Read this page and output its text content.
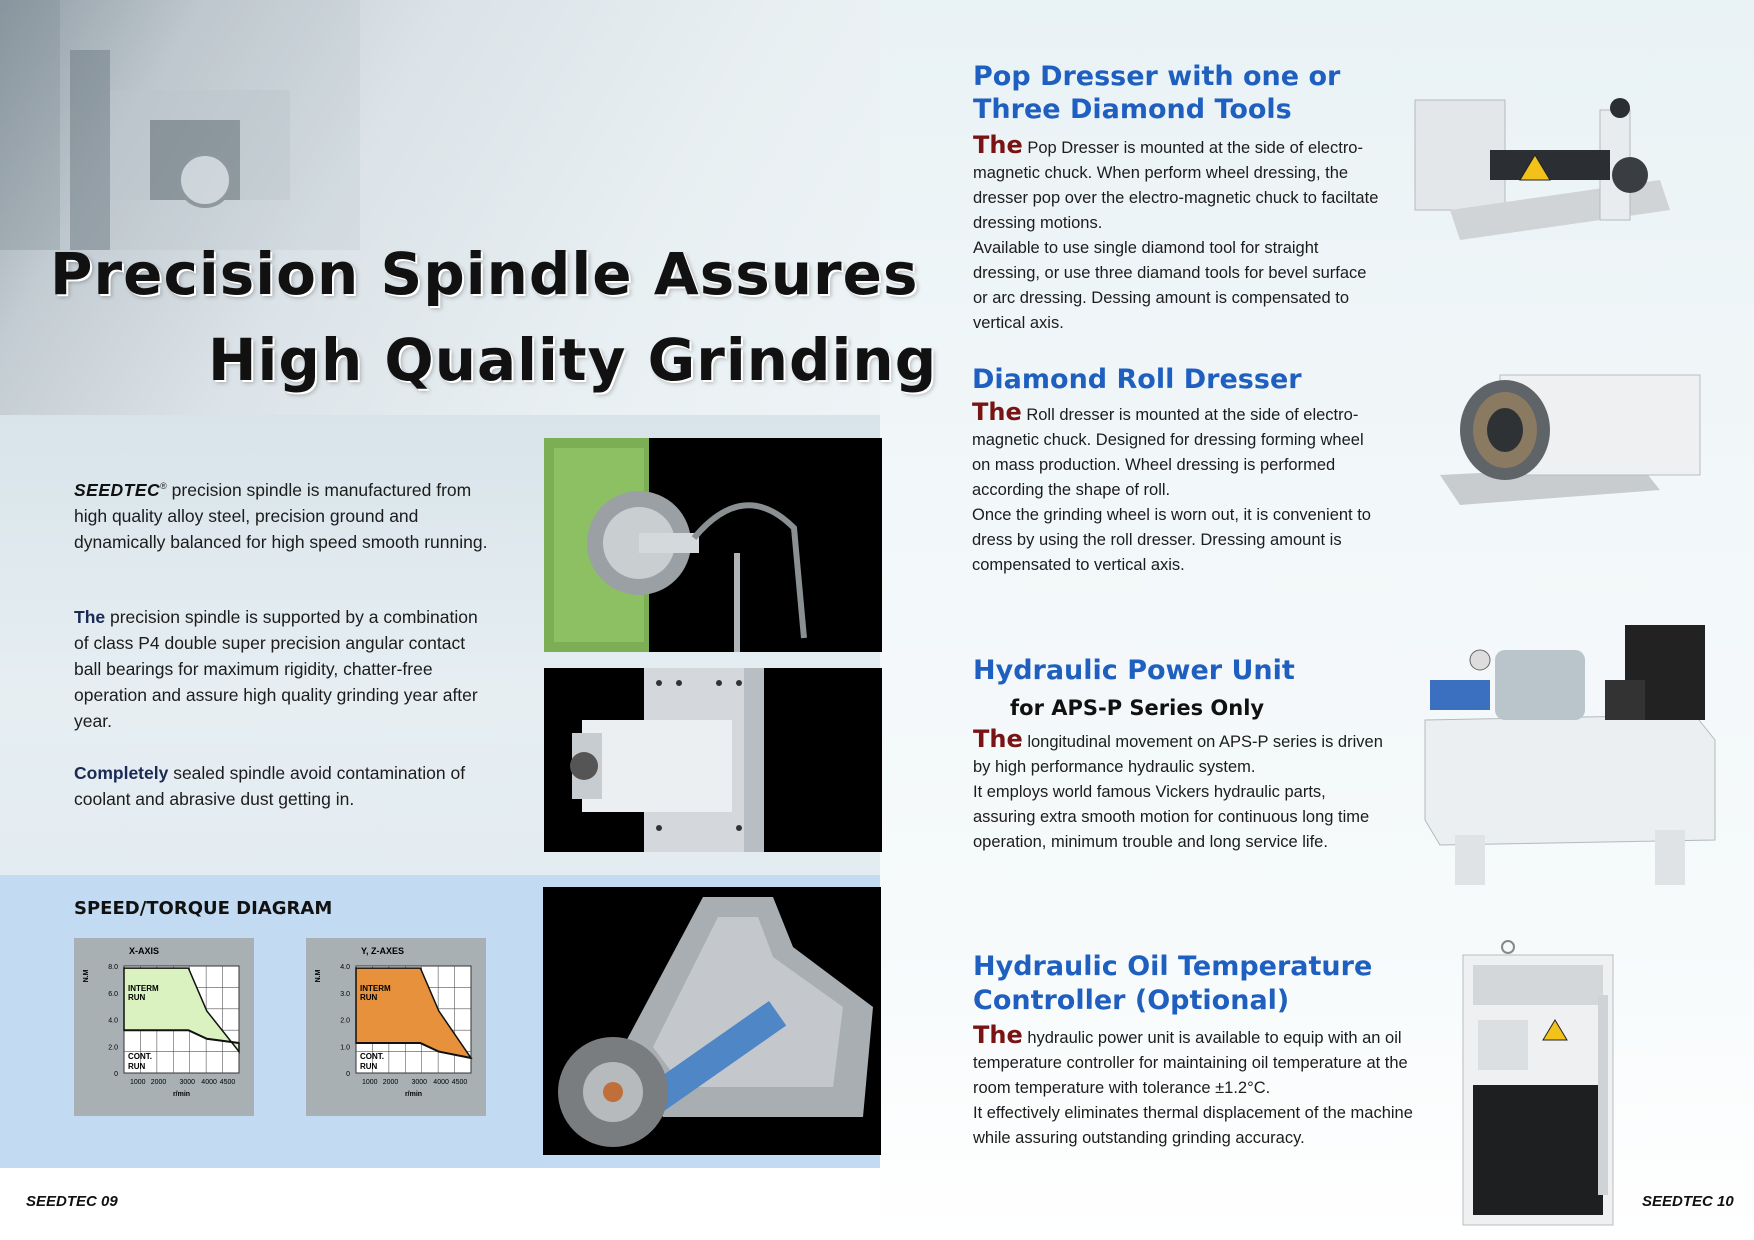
Precision Spindle Assures
High Quality Grinding
SEEDTEC® precision spindle is manufactured from high quality alloy steel, precision ground and dynamically balanced for high speed smooth running.
The precision spindle is supported by a combination of class P4 double super precision angular contact ball bearings for maximum rigidity, chatter-free operation and assure high quality grinding year after year.
Completely sealed spindle avoid contamination of coolant and abrasive dust getting in.
SPEED/TORQUE DIAGRAM
X-AXIS
8.0
6.0
4.0
2.0
0
1000 2000 3000 4000 4500
r/min
N.M
INTERM
RUN
CONT.
RUN
Y, Z-AXES
4.0
3.0
2.0
1.0
0
1000 2000 3000 4000 4500
r/min
N.M
INTERM
RUN
CONT.
RUN
Pop Dresser with one or
Three Diamond Tools
The Pop Dresser is mounted at the side of electro-magnetic chuck. When perform wheel dressing, the dresser pop over the electro-magnetic chuck to faciltate dressing motions.
Available to use single diamond tool for straight dressing, or use three diamand tools for bevel surface or arc dressing. Dessing amount is compensated to vertical axis.
Diamond Roll Dresser
The Roll dresser is mounted at the side of electro-magnetic chuck. Designed for dressing forming wheel on mass production. Wheel dressing is performed according the shape of roll.
Once the grinding wheel is worn out, it is convenient to dress by using the roll dresser. Dressing amount is compensated to vertical axis.
Hydraulic Power Unit
for APS-P Series Only
The longitudinal movement on APS-P series is driven by high performance hydraulic system.
It employs world famous Vickers hydraulic parts, assuring extra smooth motion for continuous long time operation, minimum trouble and long service life.
Hydraulic Oil Temperature
Controller (Optional)
The hydraulic power unit is available to equip with an oil temperature controller for maintaining oil temperature at the room temperature with tolerance ±1.2°C.
It effectively eliminates thermal displacement of the machine while assuring outstanding grinding accuracy.
SEEDTEC 09	SEEDTEC 10
